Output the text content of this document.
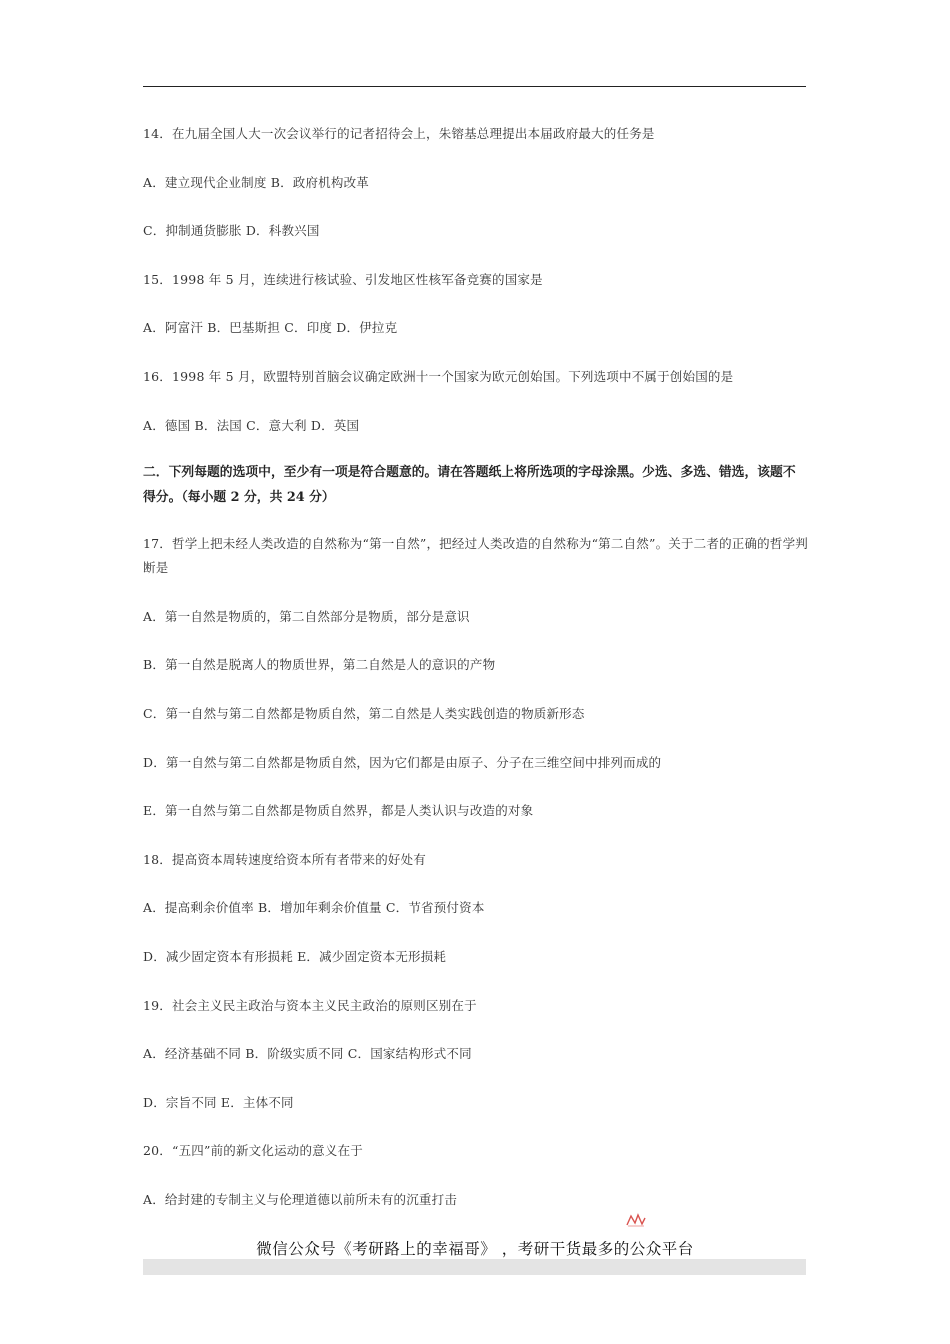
14．在九届全国人大一次会议举行的记者招待会上，朱镕基总理提出本届政府最大的任务是
A．建立现代企业制度 B．政府机构改革
C．抑制通货膨胀 D．科教兴国
15．1998 年 5 月，连续进行核试验、引发地区性核军备竞赛的国家是
A．阿富汗 B．巴基斯担 C．印度 D．伊拉克
16．1998 年 5 月，欧盟特别首脑会议确定欧洲十一个国家为欧元创始国。下列选项中不属于创始国的是
A．德国 B．法国 C．意大利 D．英国
二．下列每题的选项中，至少有一项是符合题意的。请在答题纸上将所选项的字母涂黑。少选、多选、错选，该题不得分。（每小题 2 分，共 24 分）
17．哲学上把未经人类改造的自然称为“第一自然”，把经过人类改造的自然称为“第二自然”。关于二者的正确的哲学判断是
A．第一自然是物质的，第二自然部分是物质，部分是意识
B．第一自然是脱离人的物质世界，第二自然是人的意识的产物
C．第一自然与第二自然都是物质自然，第二自然是人类实践创造的物质新形态
D．第一自然与第二自然都是物质自然，因为它们都是由原子、分子在三维空间中排列而成的
E．第一自然与第二自然都是物质自然界，都是人类认识与改造的对象
18．提高资本周转速度给资本所有者带来的好处有
A．提高剩余价值率 B．增加年剩余价值量 C．节省预付资本
D．减少固定资本有形损耗 E．减少固定资本无形损耗
19．社会主义民主政治与资本主义民主政治的原则区别在于
A．经济基础不同 B．阶级实质不同 C．国家结构形式不同
D．宗旨不同 E．主体不同
20．“五四”前的新文化运动的意义在于
A．给封建的专制主义与伦理道德以前所未有的沉重打击
微信公众号《考研路上的幸福哥》 ，考研干货最多的公众平台
